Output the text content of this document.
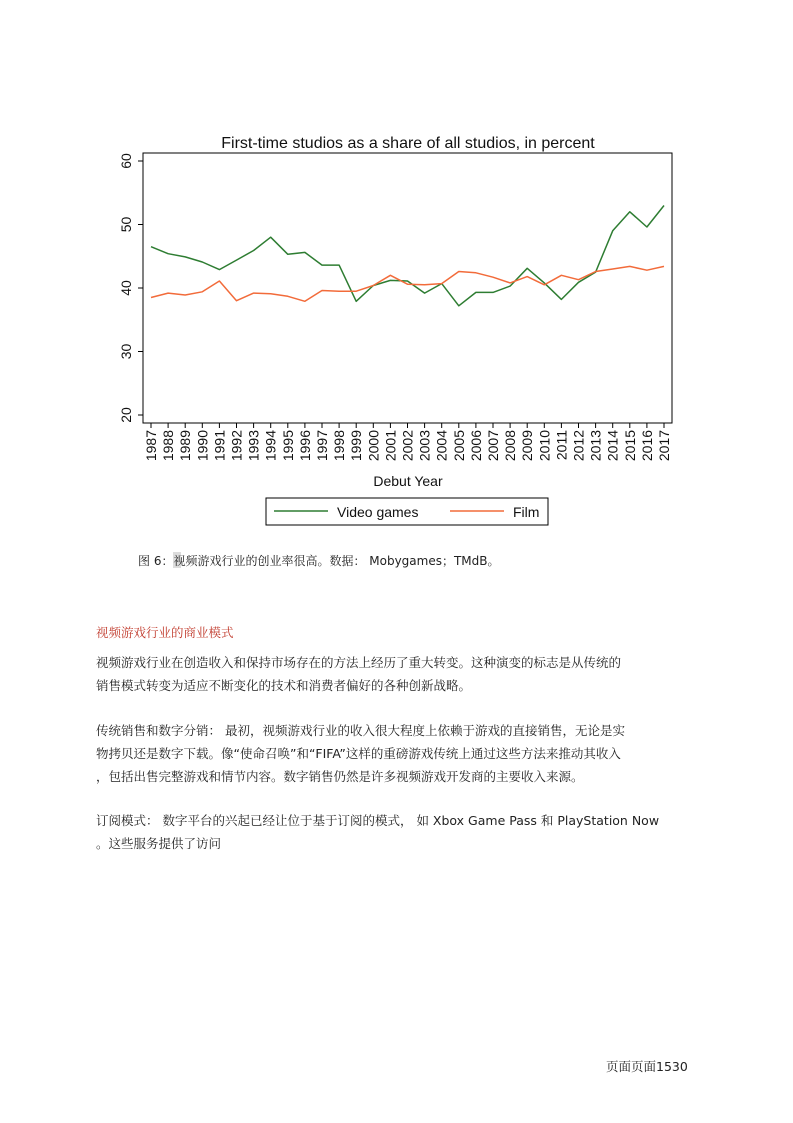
First-time studios as a share of all studios, in percent
20
30
40
50
60
1987 1988 1989 1990 1991 1992 1993 1994 1995 1996 1997 1998 1999 2000 2001 2002 2003 2004 2005 2006 2007 2008 2009 2010 2011 2012 2013 2014 2015 2016 2017
Debut Year
Video games	Film
图 6：视频游戏行业的创业率很高。数据： Mobygames；TMdB。
视频游戏行业的商业模式
视频游戏行业在创造收入和保持市场存在的方法上经历了重大转变。这种演变的标志是从传统的
销售模式转变为适应不断变化的技术和消费者偏好的各种创新战略。
传统销售和数字分销： 最初，视频游戏行业的收入很大程度上依赖于游戏的直接销售，无论是实
物拷贝还是数字下载。像“使命召唤”和“FIFA”这样的重磅游戏传统上通过这些方法来推动其收入
，包括出售完整游戏和情节内容。数字销售仍然是许多视频游戏开发商的主要收入来源。
订阅模式： 数字平台的兴起已经让位于基于订阅的模式， 如 Xbox Game Pass 和 PlayStation Now
。这些服务提供了访问
页面页面1530
